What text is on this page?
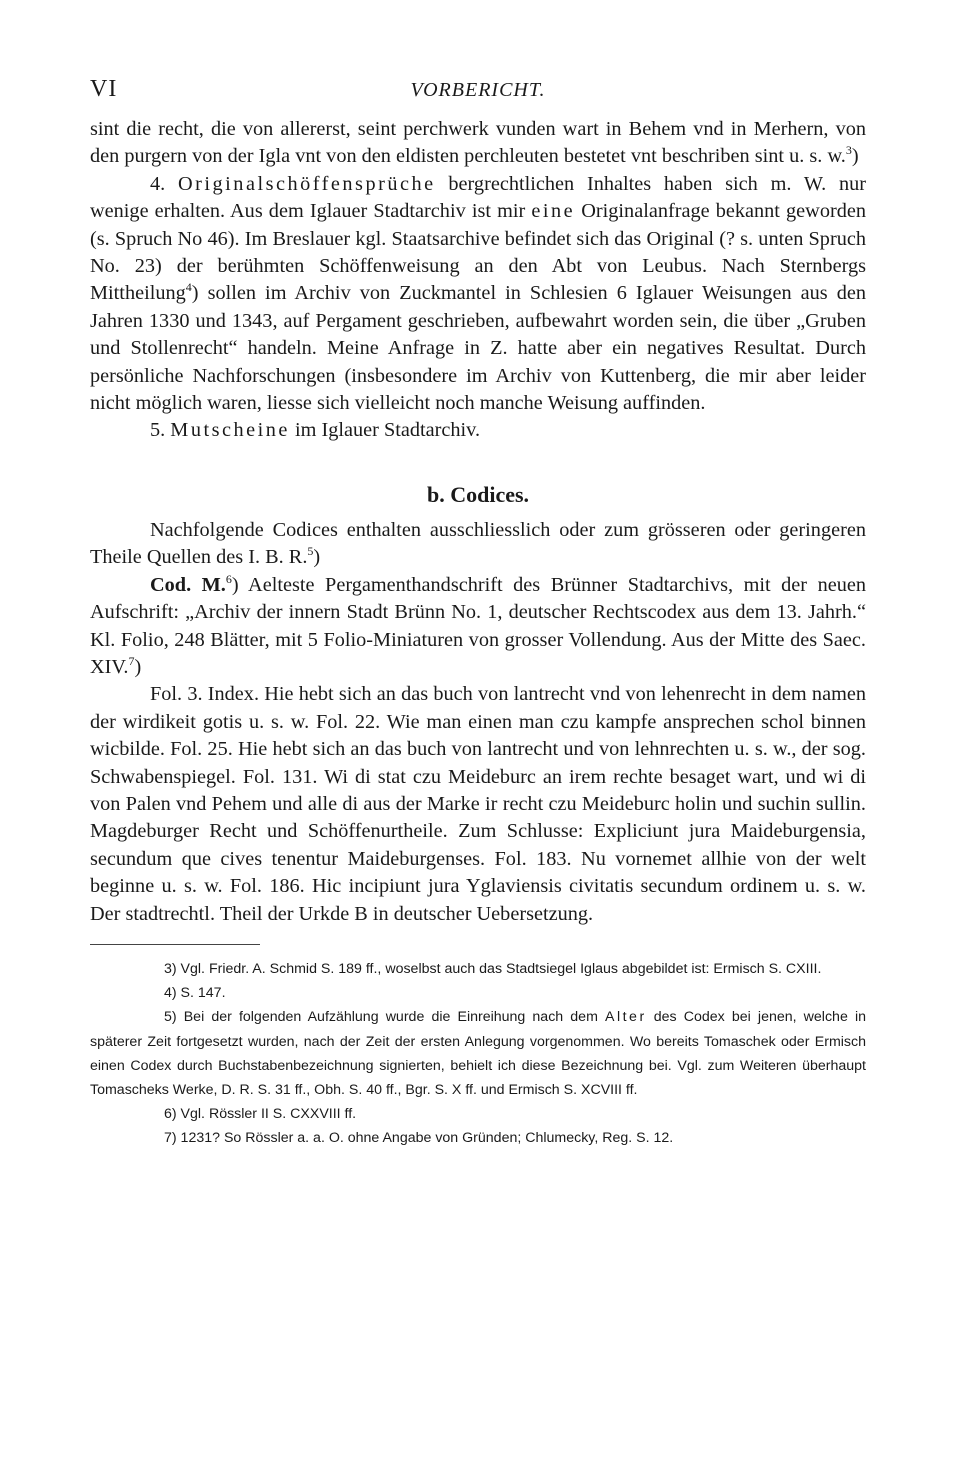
VI	VORBERICHT.

sint die recht, die von allererst, seint perchwerk vunden wart in Behem vnd in Merhern, von den purgern von der Igla vnt von den eldisten perchleuten bestetet vnt beschriben sint u. s. w.$^3$)

4. Originalschöffensprüche bergrechtlichen Inhaltes haben sich m. W. nur wenige erhalten. Aus dem Iglauer Stadtarchiv ist mir eine Originalanfrage bekannt geworden (s. Spruch No 46). Im Breslauer kgl. Staatsarchive befindet sich das Original (? s. unten Spruch No. 23) der berühmten Schöffenweisung an den Abt von Leubus. Nach Sternbergs Mittheilung$^4$) sollen im Archiv von Zuckmantel in Schlesien 6 Iglauer Weisungen aus den Jahren 1330 und 1343, auf Pergament geschrieben, aufbewahrt worden sein, die über „Gruben und Stollenrecht“ handeln. Meine Anfrage in Z. hatte aber ein negatives Resultat. Durch persönliche Nachforschungen (insbesondere im Archiv von Kuttenberg, die mir aber leider nicht möglich waren, liesse sich vielleicht noch manche Weisung auffinden.

5. Mutscheine im Iglauer Stadtarchiv.

b. Codices.

Nachfolgende Codices enthalten ausschliesslich oder zum grösseren oder geringeren Theile Quellen des I. B. R.$^5$)

Cod. M.$^6$) Aelteste Pergamenthandschrift des Brünner Stadtarchivs, mit der neuen Aufschrift: „Archiv der innern Stadt Brünn No. 1, deutscher Rechtscodex aus dem 13. Jahrh.“ Kl. Folio, 248 Blätter, mit 5 Folio-Miniaturen von grosser Vollendung. Aus der Mitte des Saec. XIV.$^7$)

Fol. 3. Index. Hie hebt sich an das buch von lantrecht vnd von lehenrecht in dem namen der wirdikeit gotis u. s. w. Fol. 22. Wie man einen man czu kampfe ansprechen schol binnen wicbilde. Fol. 25. Hie hebt sich an das buch von lantrecht und von lehnrechten u. s. w., der sog. Schwabenspiegel. Fol. 131. Wi di stat czu Meideburc an irem rechte besaget wart, und wi di von Palen vnd Pehem und alle di aus der Marke ir recht czu Meideburc holin und suchin sullin. Magdeburger Recht und Schöffenurtheile. Zum Schlusse: Expliciunt jura Maideburgensia, secundum que cives tenentur Maideburgenses. Fol. 183. Nu vornemet allhie von der welt beginne u. s. w. Fol. 186. Hic incipiunt jura Yglaviensis civitatis secundum ordinem u. s. w. Der stadtrechtl. Theil der Urkde B in deutscher Uebersetzung.

3) Vgl. Friedr. A. Schmid S. 189 ff., woselbst auch das Stadtsiegel Iglaus abgebildet ist: Ermisch S. CXIII.

4) S. 147.

5) Bei der folgenden Aufzählung wurde die Einreihung nach dem Alter des Codex bei jenen, welche in späterer Zeit fortgesetzt wurden, nach der Zeit der ersten Anlegung vorgenommen. Wo bereits Tomaschek oder Ermisch einen Codex durch Buchstabenbezeichnung signierten, behielt ich diese Bezeichnung bei. Vgl. zum Weiteren überhaupt Tomascheks Werke, D. R. S. 31 ff., Obh. S. 40 ff., Bgr. S. X ff. und Ermisch S. XCVIII ff.

6) Vgl. Rössler II S. CXXVIII ff.

7) 1231? So Rössler a. a. O. ohne Angabe von Gründen; Chlumecky, Reg. S. 12.
